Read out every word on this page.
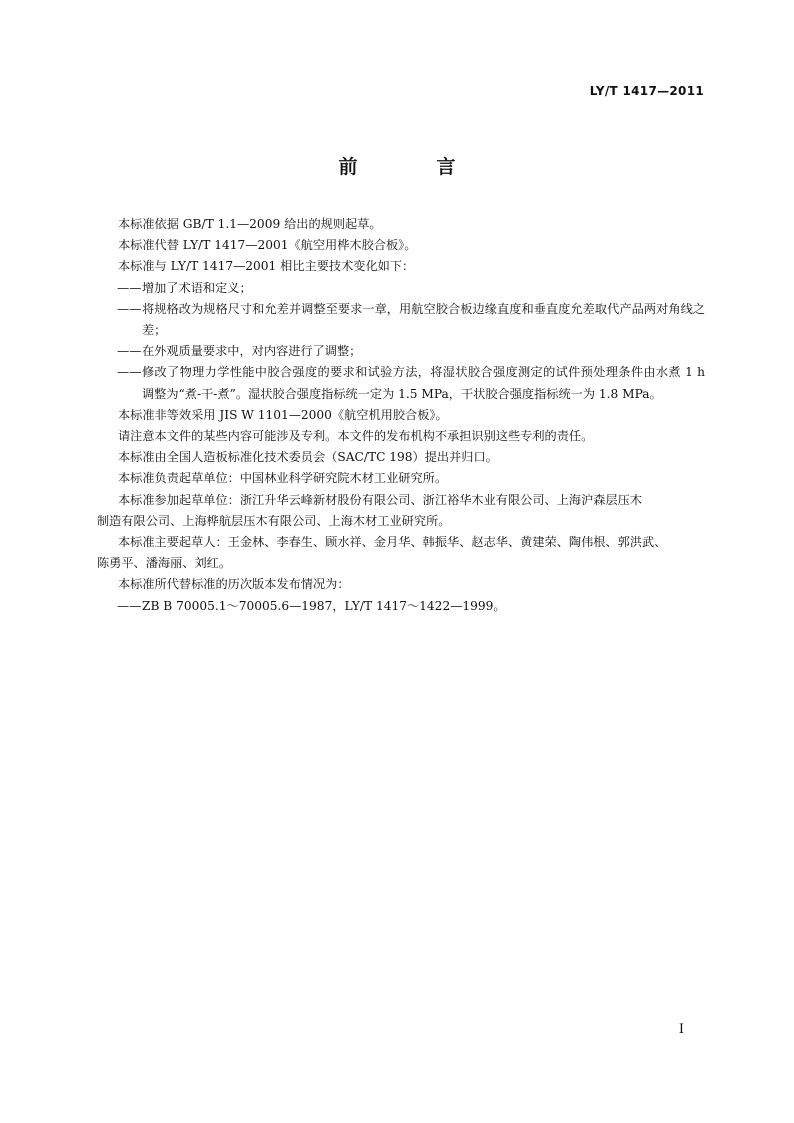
LY/T 1417—2011
前　言

本标准依据 GB/T 1.1—2009 给出的规则起草。

本标准代替 LY/T 1417—2001《航空用桦木胶合板》。

本标准与 LY/T 1417—2001 相比主要技术变化如下：

—— 增加了术语和定义；
—— 将规格改为规格尺寸和允差并调整至要求一章，用航空胶合板边缘直度和垂直度允差取代产品两对角线之差；
—— 在外观质量要求中，对内容进行了调整；
—— 修改了物理力学性能中胶合强度的要求和试验方法，将湿状胶合强度测定的试件预处理条件由水煮 1 h 调整为“煮-干-煮”。湿状胶合强度指标统一定为 1.5 MPa，干状胶合强度指标统一为 1.8 MPa。

本标准非等效采用 JIS W 1101—2000《航空机用胶合板》。

请注意本文件的某些内容可能涉及专利。本文件的发布机构不承担识别这些专利的责任。

本标准由全国人造板标准化技术委员会（SAC/TC 198）提出并归口。

本标准负责起草单位：中国林业科学研究院木材工业研究所。

本标准参加起草单位：浙江升华云峰新材股份有限公司、浙江裕华木业有限公司、上海沪森层压木

制造有限公司、上海桦航层压木有限公司、上海木材工业研究所。

本标准主要起草人：王金林、李春生、顾水祥、金月华、韩振华、赵志华、黄建荣、陶伟根、郭洪武、

陈勇平、潘海丽、刘红。

本标准所代替标准的历次版本发布情况为：

—— ZB B 70005.1～70005.6—1987，LY/T 1417～1422—1999。
I
